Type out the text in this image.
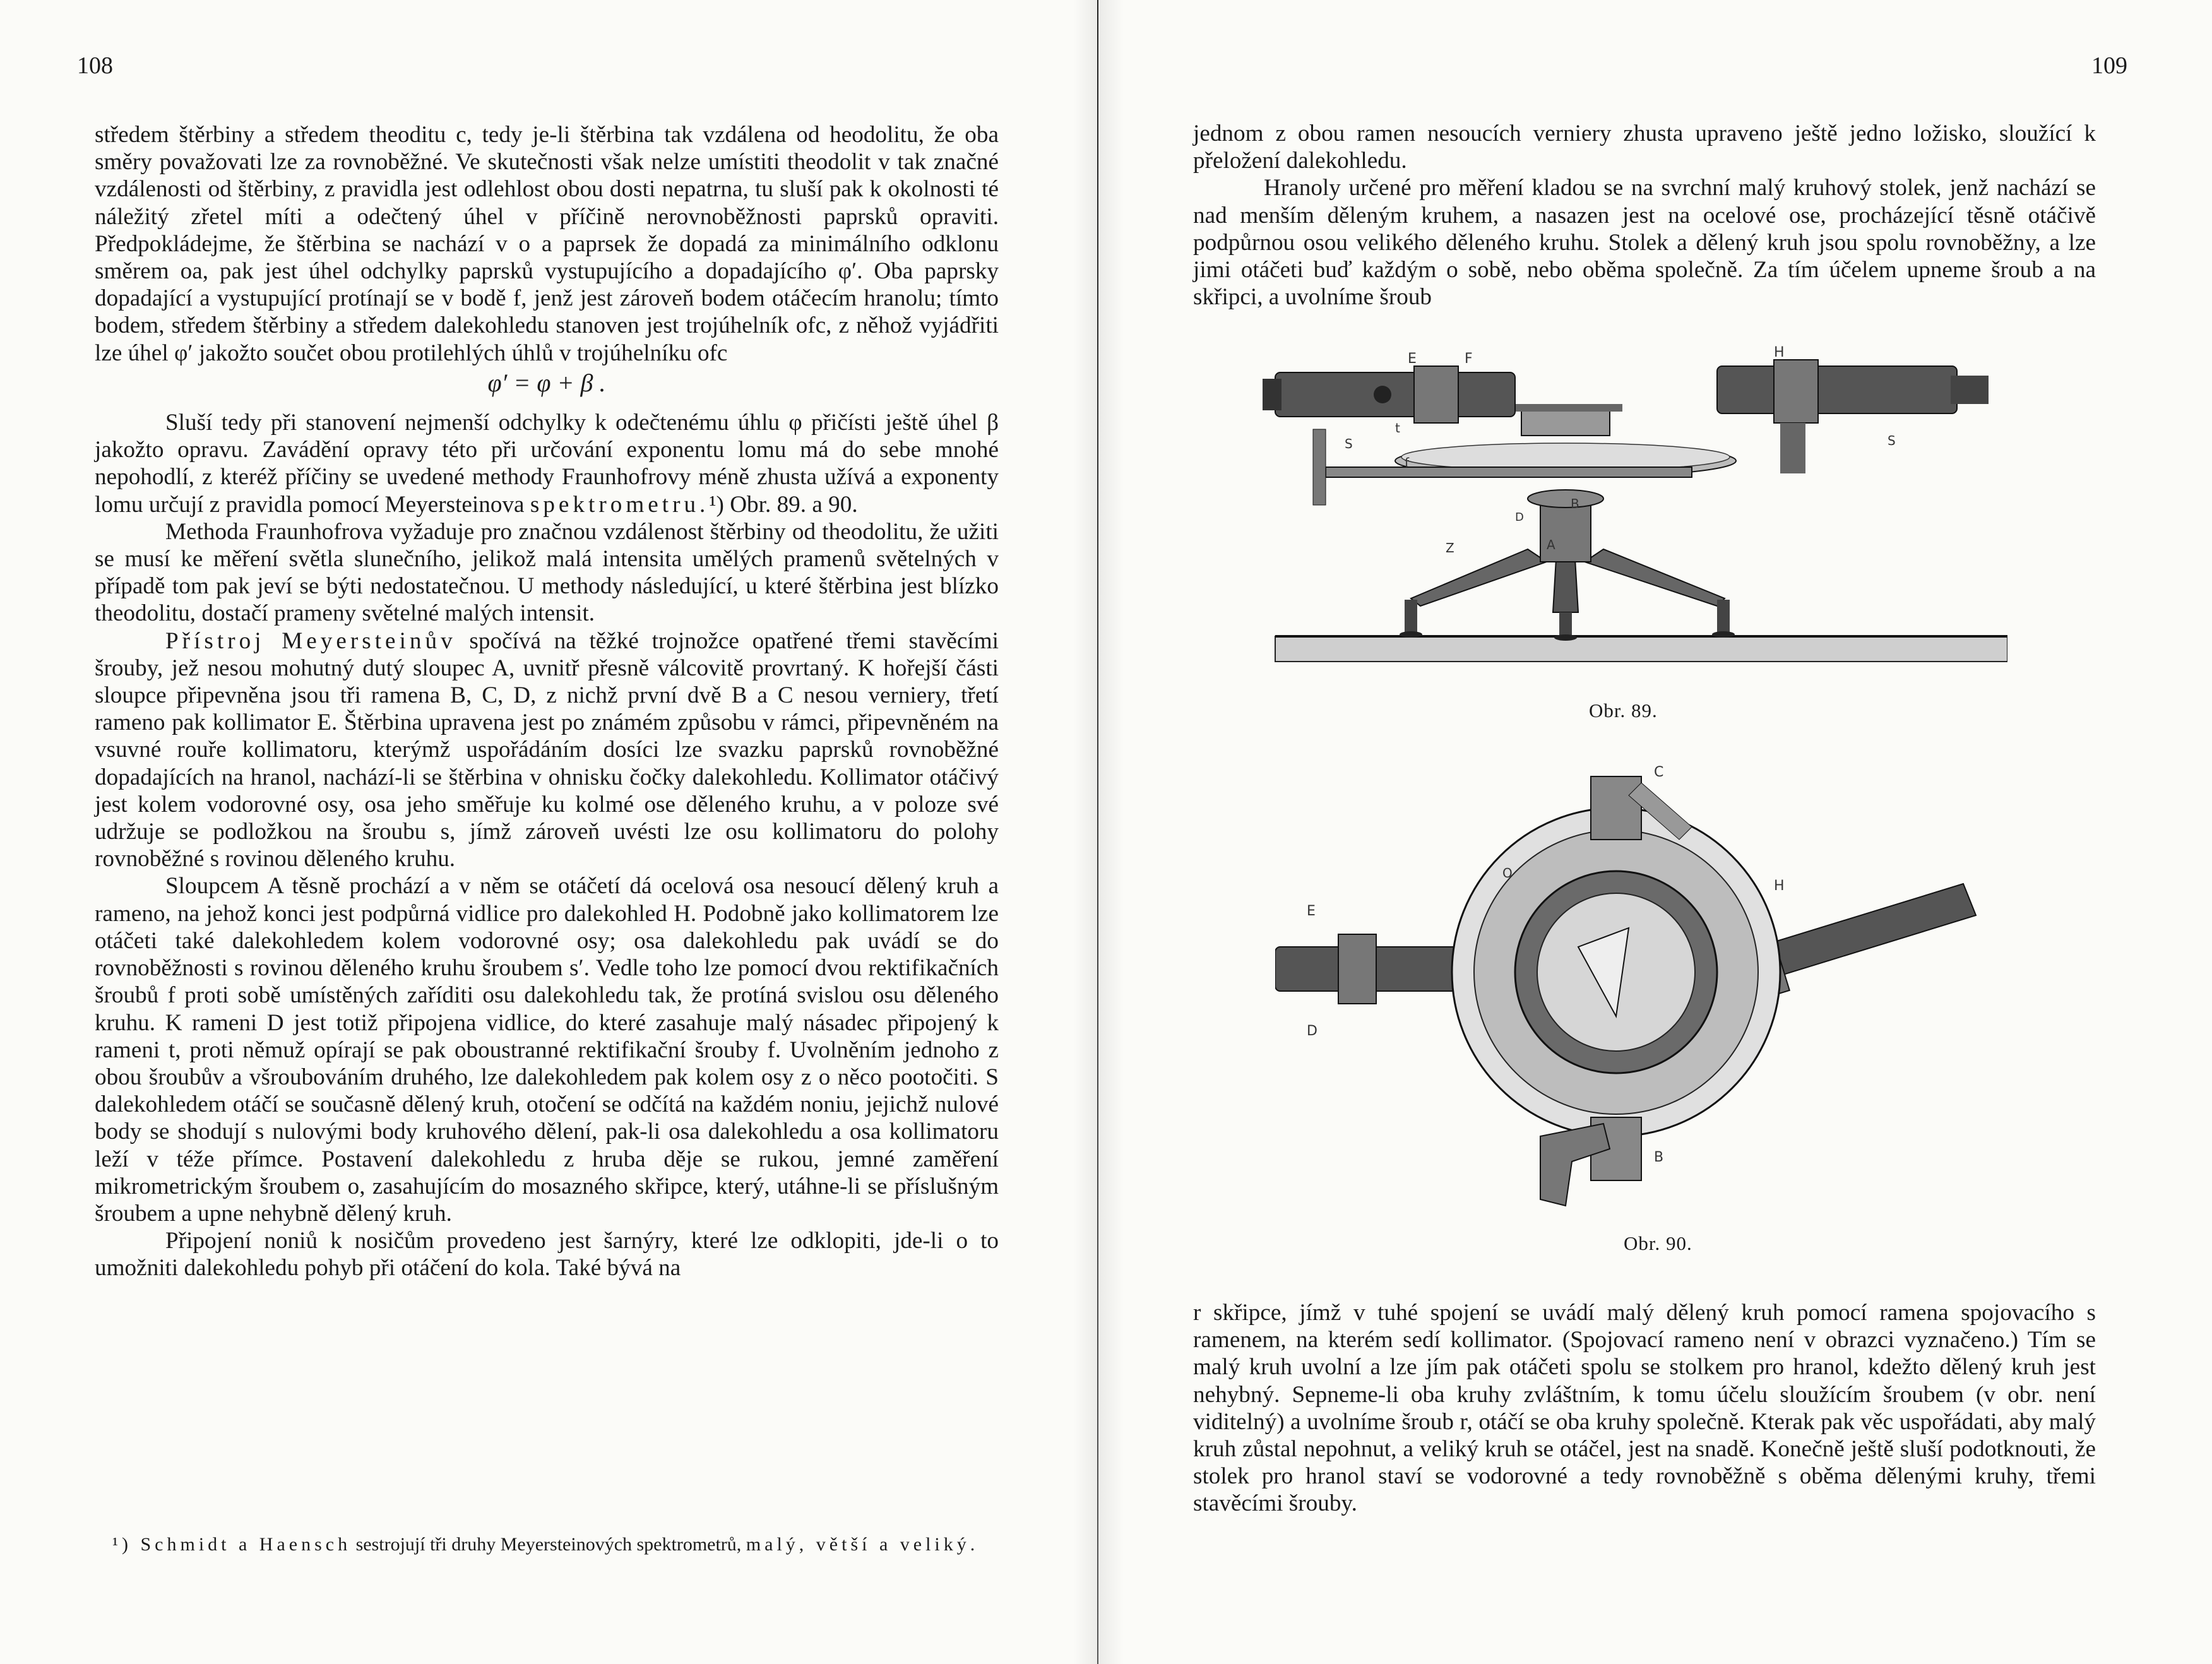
108

středem štěrbiny a středem theoditu c, tedy je-li štěrbina tak vzdálena od heodolitu, že oba směry považovati lze za rovnoběžné. Ve skutečnosti však nelze umístiti theodolit v tak značné vzdálenosti od štěrbiny, z pravidla jest odlehlost obou dosti nepatrna, tu sluší pak k okolnosti té náležitý zřetel míti a odečtený úhel v příčině nerovnoběžnosti paprsků opraviti. Předpokládejme, že štěrbina se nachází v o a paprsek že dopadá za minimálního odklonu směrem oa, pak jest úhel odchylky paprsků vystupujícího a dopadajícího φ′. Oba paprsky dopadající a vystupující protínají se v bodě f, jenž jest zároveň bodem otáčecím hranolu; tímto bodem, středem štěrbiny a středem dalekohledu stanoven jest trojúhelník ofc, z něhož vyjádřiti lze úhel φ′ jakožto součet obou protilehlých úhlů v trojúhelníku ofc

φ′ = φ + β .

Sluší tedy při stanovení nejmenší odchylky k odečtenému úhlu φ přičísti ještě úhel β jakožto opravu. Zavádění opravy této při určování exponentu lomu má do sebe mnohé nepohodlí, z kteréž příčiny se uvedené methody Fraunhofrovy méně zhusta užívá a exponenty lomu určují z pravidla pomocí Meyersteinova spektrometru.¹) Obr. 89. a 90.

Methoda Fraunhofrova vyžaduje pro značnou vzdálenost štěrbiny od theodolitu, že užiti se musí ke měření světla slunečního, jelikož malá intensita umělých pramenů světelných v případě tom pak jeví se býti nedostatečnou. U methody následující, u které štěrbina jest blízko theodolitu, dostačí prameny světelné malých intensit.

Přístroj Meyersteinův spočívá na těžké trojnožce opatřené třemi stavěcími šrouby, jež nesou mohutný dutý sloupec A, uvnitř přesně válcovitě provrtaný. K hořejší části sloupce připevněna jsou tři ramena B, C, D, z nichž první dvě B a C nesou verniery, třetí rameno pak kollimator E. Štěrbina upravena jest po známém způsobu v rámci, připevněném na vsuvné rouře kollimatoru, kterýmž uspořádáním dosíci lze svazku paprsků rovnoběžné dopadajících na hranol, nachází-li se štěrbina v ohnisku čočky dalekohledu. Kollimator otáčivý jest kolem vodorovné osy, osa jeho směřuje ku kolmé ose děleného kruhu, a v poloze své udržuje se podložkou na šroubu s, jímž zároveň uvésti lze osu kollimatoru do polohy rovnoběžné s rovinou děleného kruhu.

Sloupcem A těsně prochází a v něm se otáčetí dá ocelová osa nesoucí dělený kruh a rameno, na jehož konci jest podpůrná vidlice pro dalekohled H. Podobně jako kollimatorem lze otáčeti také dalekohledem kolem vodorovné osy; osa dalekohledu pak uvádí se do rovnoběžnosti s rovinou děleného kruhu šroubem s′. Vedle toho lze pomocí dvou rektifikačních šroubů f proti sobě umístěných zaříditi osu dalekohledu tak, že protíná svislou osu děleného kruhu. K rameni D jest totiž připojena vidlice, do které zasahuje malý násadec připojený k rameni t, proti němuž opírají se pak oboustranné rektifikační šrouby f. Uvolněním jednoho z obou šroubův a všroubováním druhého, lze dalekohledem pak kolem osy z o něco pootočiti. S dalekohledem otáčí se současně dělený kruh, otočení se odčítá na každém noniu, jejichž nulové body se shodují s nulovými body kruhového dělení, pak-li osa dalekohledu a osa kollimatoru leží v téže přímce. Postavení dalekohledu z hruba děje se rukou, jemné zaměření mikrometrickým šroubem o, zasahujícím do mosazného skřipce, který, utáhne-li se příslušným šroubem a upne nehybně dělený kruh.

Připojení noniů k nosičům provedeno jest šarnýry, které lze odklopiti, jde-li o to umožniti dalekohledu pohyb při otáčení do kola. Také bývá na

¹) Schmidt a Haensch sestrojují tři druhy Meyersteinových spektrometrů, malý, větší a veliký.
109

jednom z obou ramen nesoucích verniery zhusta upraveno ještě jedno ložisko, sloužící k přeložení dalekohledu.

Hranoly určené pro měření kladou se na svrchní malý kruhový stolek, jenž nachází se nad menším děleným kruhem, a nasazen jest na ocelové ose, procházející těsně otáčivě podpůrnou osou velikého děleného kruhu. Stolek a dělený kruh jsou spolu rovnoběžny, a lze jimi otáčeti buď každým o sobě, nebo oběma společně. Za tím účelem upneme šroub a na skřipci, a uvolníme šroub

E	F	H
S
t
f
S
B
D
A
Z
Obr. 89.
C
E
O
H
D
B
Obr. 90.

r skřipce, jímž v tuhé spojení se uvádí malý dělený kruh pomocí ramena spojovacího s ramenem, na kterém sedí kollimator. (Spojovací rameno není v obrazci vyznačeno.) Tím se malý kruh uvolní a lze jím pak otáčeti spolu se stolkem pro hranol, kdežto dělený kruh jest nehybný. Sepneme-li oba kruhy zvláštním, k tomu účelu sloužícím šroubem (v obr. není viditelný) a uvolníme šroub r, otáčí se oba kruhy společně. Kterak pak věc uspořádati, aby malý kruh zůstal nepohnut, a veliký kruh se otáčel, jest na snadě. Konečně ještě sluší podotknouti, že stolek pro hranol staví se vodorovné a tedy rovnoběžně s oběma dělenými kruhy, třemi stavěcími šrouby.
